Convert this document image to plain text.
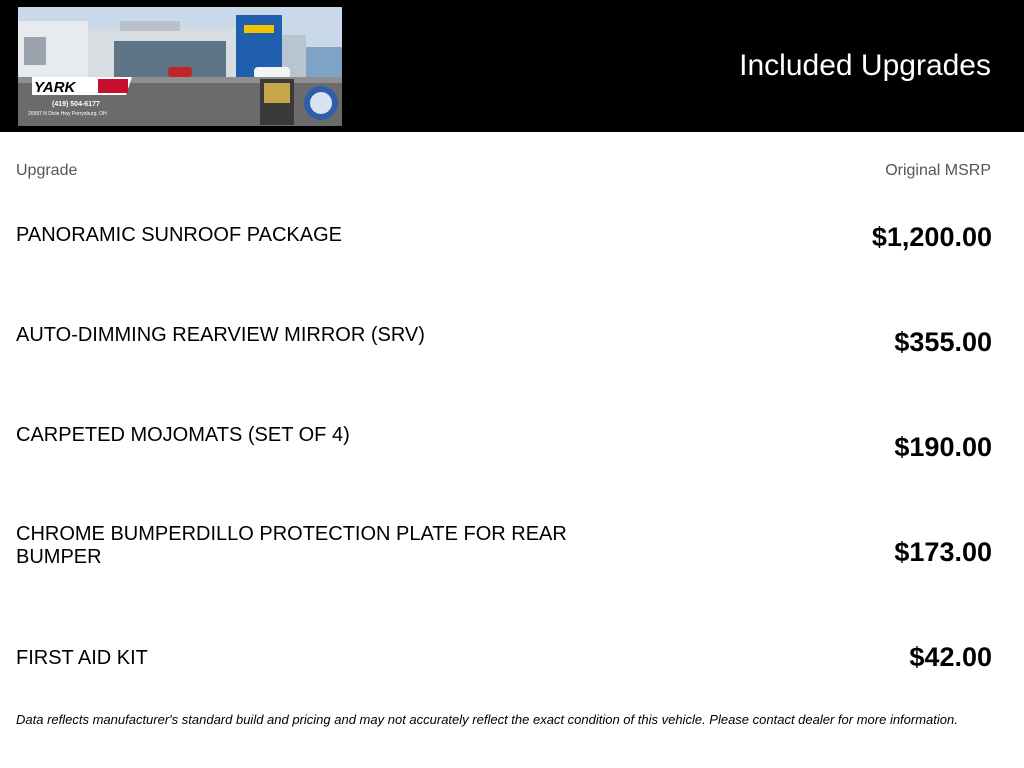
YARK
(419) 504-6177
26997 N Dixie Hwy Perrysburg, OH
Included Upgrades
Upgrade	Original MSRP
PANORAMIC SUNROOF PACKAGE	$1,200.00
AUTO-DIMMING REARVIEW MIRROR (SRV)	$355.00
CARPETED MOJOMATS (SET OF 4)	$190.00
CHROME BUMPERDILLO PROTECTION PLATE FOR REAR BUMPER	$173.00
FIRST AID KIT	$42.00
Data reflects manufacturer's standard build and pricing and may not accurately reflect the exact condition of this vehicle. Please contact dealer for more information.
